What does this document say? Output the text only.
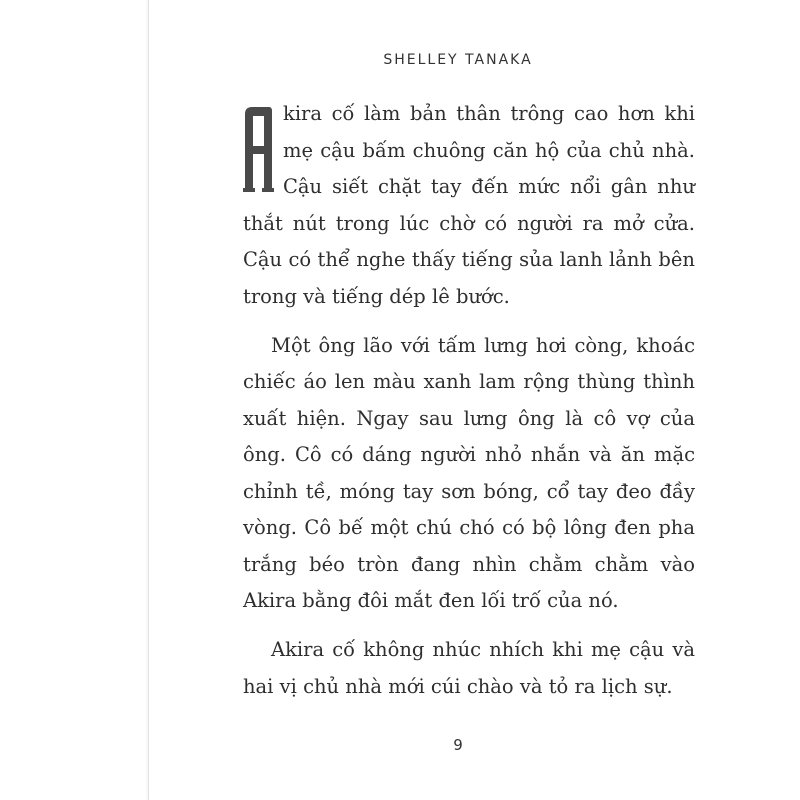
SHELLEY TANAKA

kira cố làm bản thân trông cao hơn khi mẹ cậu bấm chuông căn hộ của chủ nhà. Cậu siết chặt tay đến mức nổi gân như thắt nút trong lúc chờ có người ra mở cửa. Cậu có thể nghe thấy tiếng sủa lanh lảnh bên trong và tiếng dép lê bước.

Một ông lão với tấm lưng hơi còng, khoác chiếc áo len màu xanh lam rộng thùng thình xuất hiện. Ngay sau lưng ông là cô vợ của ông. Cô có dáng người nhỏ nhắn và ăn mặc chỉnh tề, móng tay sơn bóng, cổ tay đeo đầy vòng. Cô bế một chú chó có bộ lông đen pha trắng béo tròn đang nhìn chằm chằm vào Akira bằng đôi mắt đen lối trố của nó.

Akira cố không nhúc nhích khi mẹ cậu và hai vị chủ nhà mới cúi chào và tỏ ra lịch sự.

9
